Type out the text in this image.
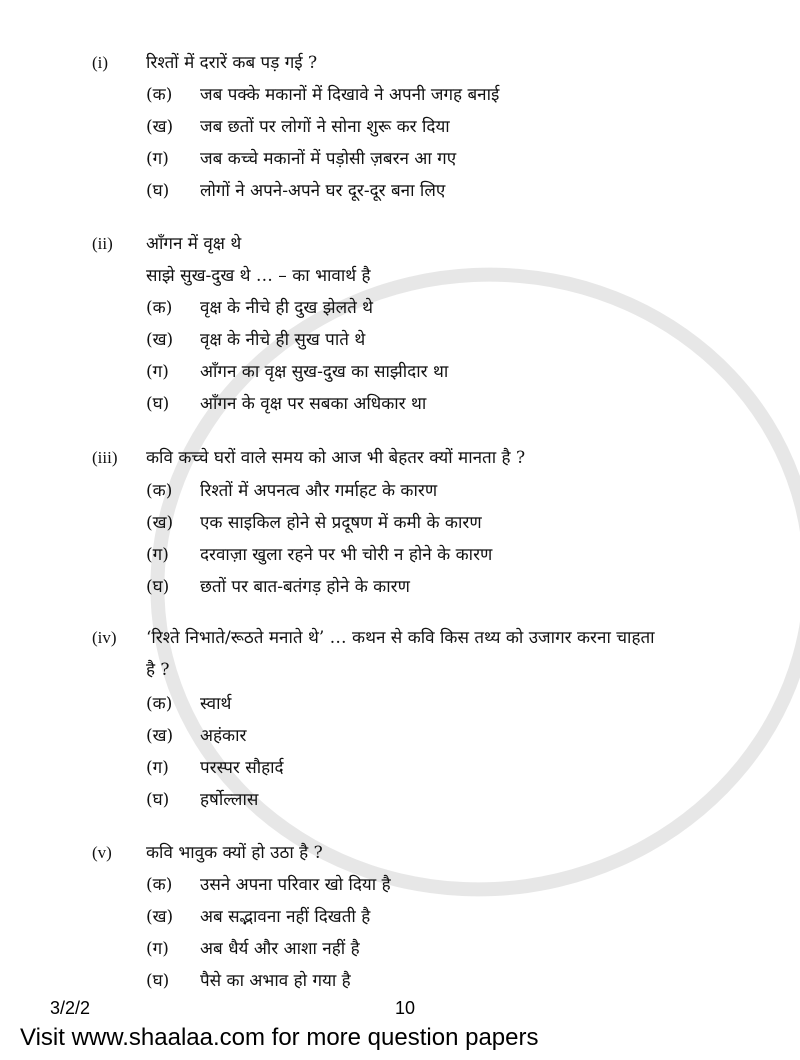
(i) रिश्तों में दरारें कब पड़ गई ?
(क) जब पक्के मकानों में दिखावे ने अपनी जगह बनाई
(ख) जब छतों पर लोगों ने सोना शुरू कर दिया
(ग) जब कच्चे मकानों में पड़ोसी ज़बरन आ गए
(घ) लोगों ने अपने-अपने घर दूर-दूर बना लिए
(ii) आँगन में वृक्ष थे
साझे सुख-दुख थे … – का भावार्थ है
(क) वृक्ष के नीचे ही दुख झेलते थे
(ख) वृक्ष के नीचे ही सुख पाते थे
(ग) आँगन का वृक्ष सुख-दुख का साझीदार था
(घ) आँगन के वृक्ष पर सबका अधिकार था
(iii) कवि कच्चे घरों वाले समय को आज भी बेहतर क्यों मानता है ?
(क) रिश्तों में अपनत्व और गर्माहट के कारण
(ख) एक साइकिल होने से प्रदूषण में कमी के कारण
(ग) दरवाज़ा खुला रहने पर भी चोरी न होने के कारण
(घ) छतों पर बात-बतंगड़ होने के कारण
(iv) ‘रिश्ते निभाते/रूठते मनाते थे’ … कथन से कवि किस तथ्य को उजागर करना चाहता
है ?
(क) स्वार्थ
(ख) अहंकार
(ग) परस्पर सौहार्द
(घ) हर्षोल्लास
(v) कवि भावुक क्यों हो उठा है ?
(क) उसने अपना परिवार खो दिया है
(ख) अब सद्भावना नहीं दिखती है
(ग) अब धैर्य और आशा नहीं है
(घ) पैसे का अभाव हो गया है
3/2/2	10
Visit www.shaalaa.com for more question papers
